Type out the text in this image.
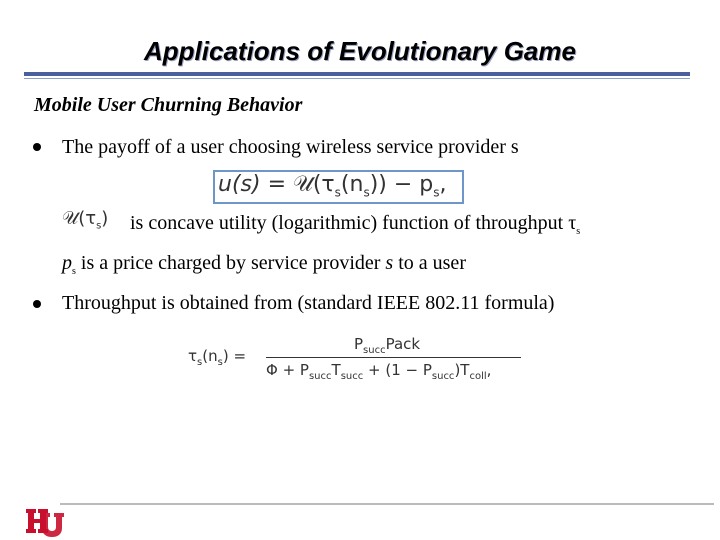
Applications of Evolutionary Game
Mobile User Churning Behavior
The payoff of a user choosing wireless service provider s
$u(s) = 𝒰(\tau_s(n_s)) - p_s$,
$𝒰(\tau_s)$ is concave utility (logarithmic) function of throughput $\tau_s$
$p_s$ is a price charged by service provider s to a user
Throughput is obtained from (standard IEEE 802.11 formula)
$\tau_s(n_s)$ =
$P_{succ}Pack$
$\Phi + P_{succ}T_{succ} + (1 - P_{succ})T_{coll}$,
